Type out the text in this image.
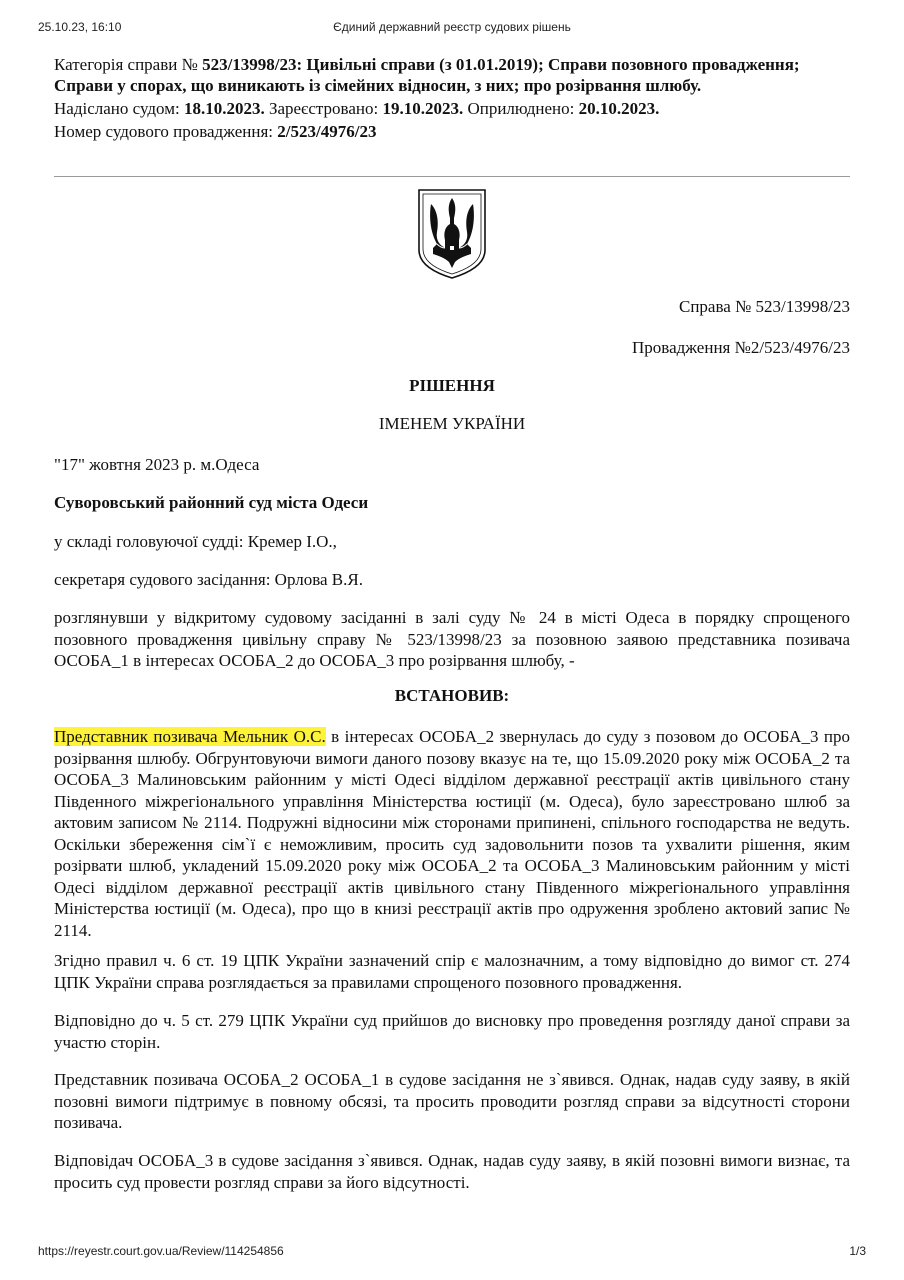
25.10.23, 16:10	Єдиний державний реєстр судових рішень
Категорія справи № 523/13998/23: Цивільні справи (з 01.01.2019); Справи позовного провадження; Справи у спорах, що виникають із сімейних відносин, з них; про розірвання шлюбу.
Надіслано судом: 18.10.2023. Зареєстровано: 19.10.2023. Оприлюднено: 20.10.2023.
Номер судового провадження: 2/523/4976/23
Справа № 523/13998/23
Провадження №2/523/4976/23
РІШЕННЯ
ІМЕНЕМ УКРАЇНИ
"17" жовтня 2023 р. м.Одеса
Суворовський районний суд міста Одеси
у складі головуючої судді: Кремер І.О.,
секретаря судового засідання: Орлова В.Я.
розглянувши у відкритому судовому засіданні в залі суду № 24 в місті Одеса в порядку спрощеного позовного провадження цивільну справу № 523/13998/23 за позовною заявою представника позивача ОСОБА_1 в інтересах ОСОБА_2 до ОСОБА_3 про розірвання шлюбу, -
ВСТАНОВИВ:
Представник позивача Мельник О.С. в інтересах ОСОБА_2 звернулась до суду з позовом до ОСОБА_3 про розірвання шлюбу. Обгрунтовуючи вимоги даного позову вказує на те, що 15.09.2020 року між ОСОБА_2 та ОСОБА_3 Малиновським районним у місті Одесі відділом державної реєстрації актів цивільного стану Південного міжрегіонального управління Міністерства юстиції (м. Одеса), було зареєстровано шлюб за актовим записом № 2114. Подружні відносини між сторонами припинені, спільного господарства не ведуть. Оскільки збереження сім`ї є неможливим, просить суд задовольнити позов та ухвалити рішення, яким розірвати шлюб, укладений 15.09.2020 року між ОСОБА_2 та ОСОБА_3 Малиновським районним у місті Одесі відділом державної реєстрації актів цивільного стану Південного міжрегіонального управління Міністерства юстиції (м. Одеса), про що в книзі реєстрації актів про одруження зроблено актовий запис № 2114.
Згідно правил ч. 6 ст. 19 ЦПК України зазначений спір є малозначним, а тому відповідно до вимог ст. 274 ЦПК України справа розглядається за правилами спрощеного позовного провадження.
Відповідно до ч. 5 ст. 279 ЦПК України суд прийшов до висновку про проведення розгляду даної справи за участю сторін.
Представник позивача ОСОБА_2 ОСОБА_1 в судове засідання не з`явився. Однак, надав суду заяву, в якій позовні вимоги підтримує в повному обсязі, та просить проводити розгляд справи за відсутності сторони позивача.
Відповідач ОСОБА_3 в судове засідання з`явився. Однак, надав суду заяву, в якій позовні вимоги визнає, та просить суд провести розгляд справи за його відсутності.
https://reyestr.court.gov.ua/Review/114254856	1/3
